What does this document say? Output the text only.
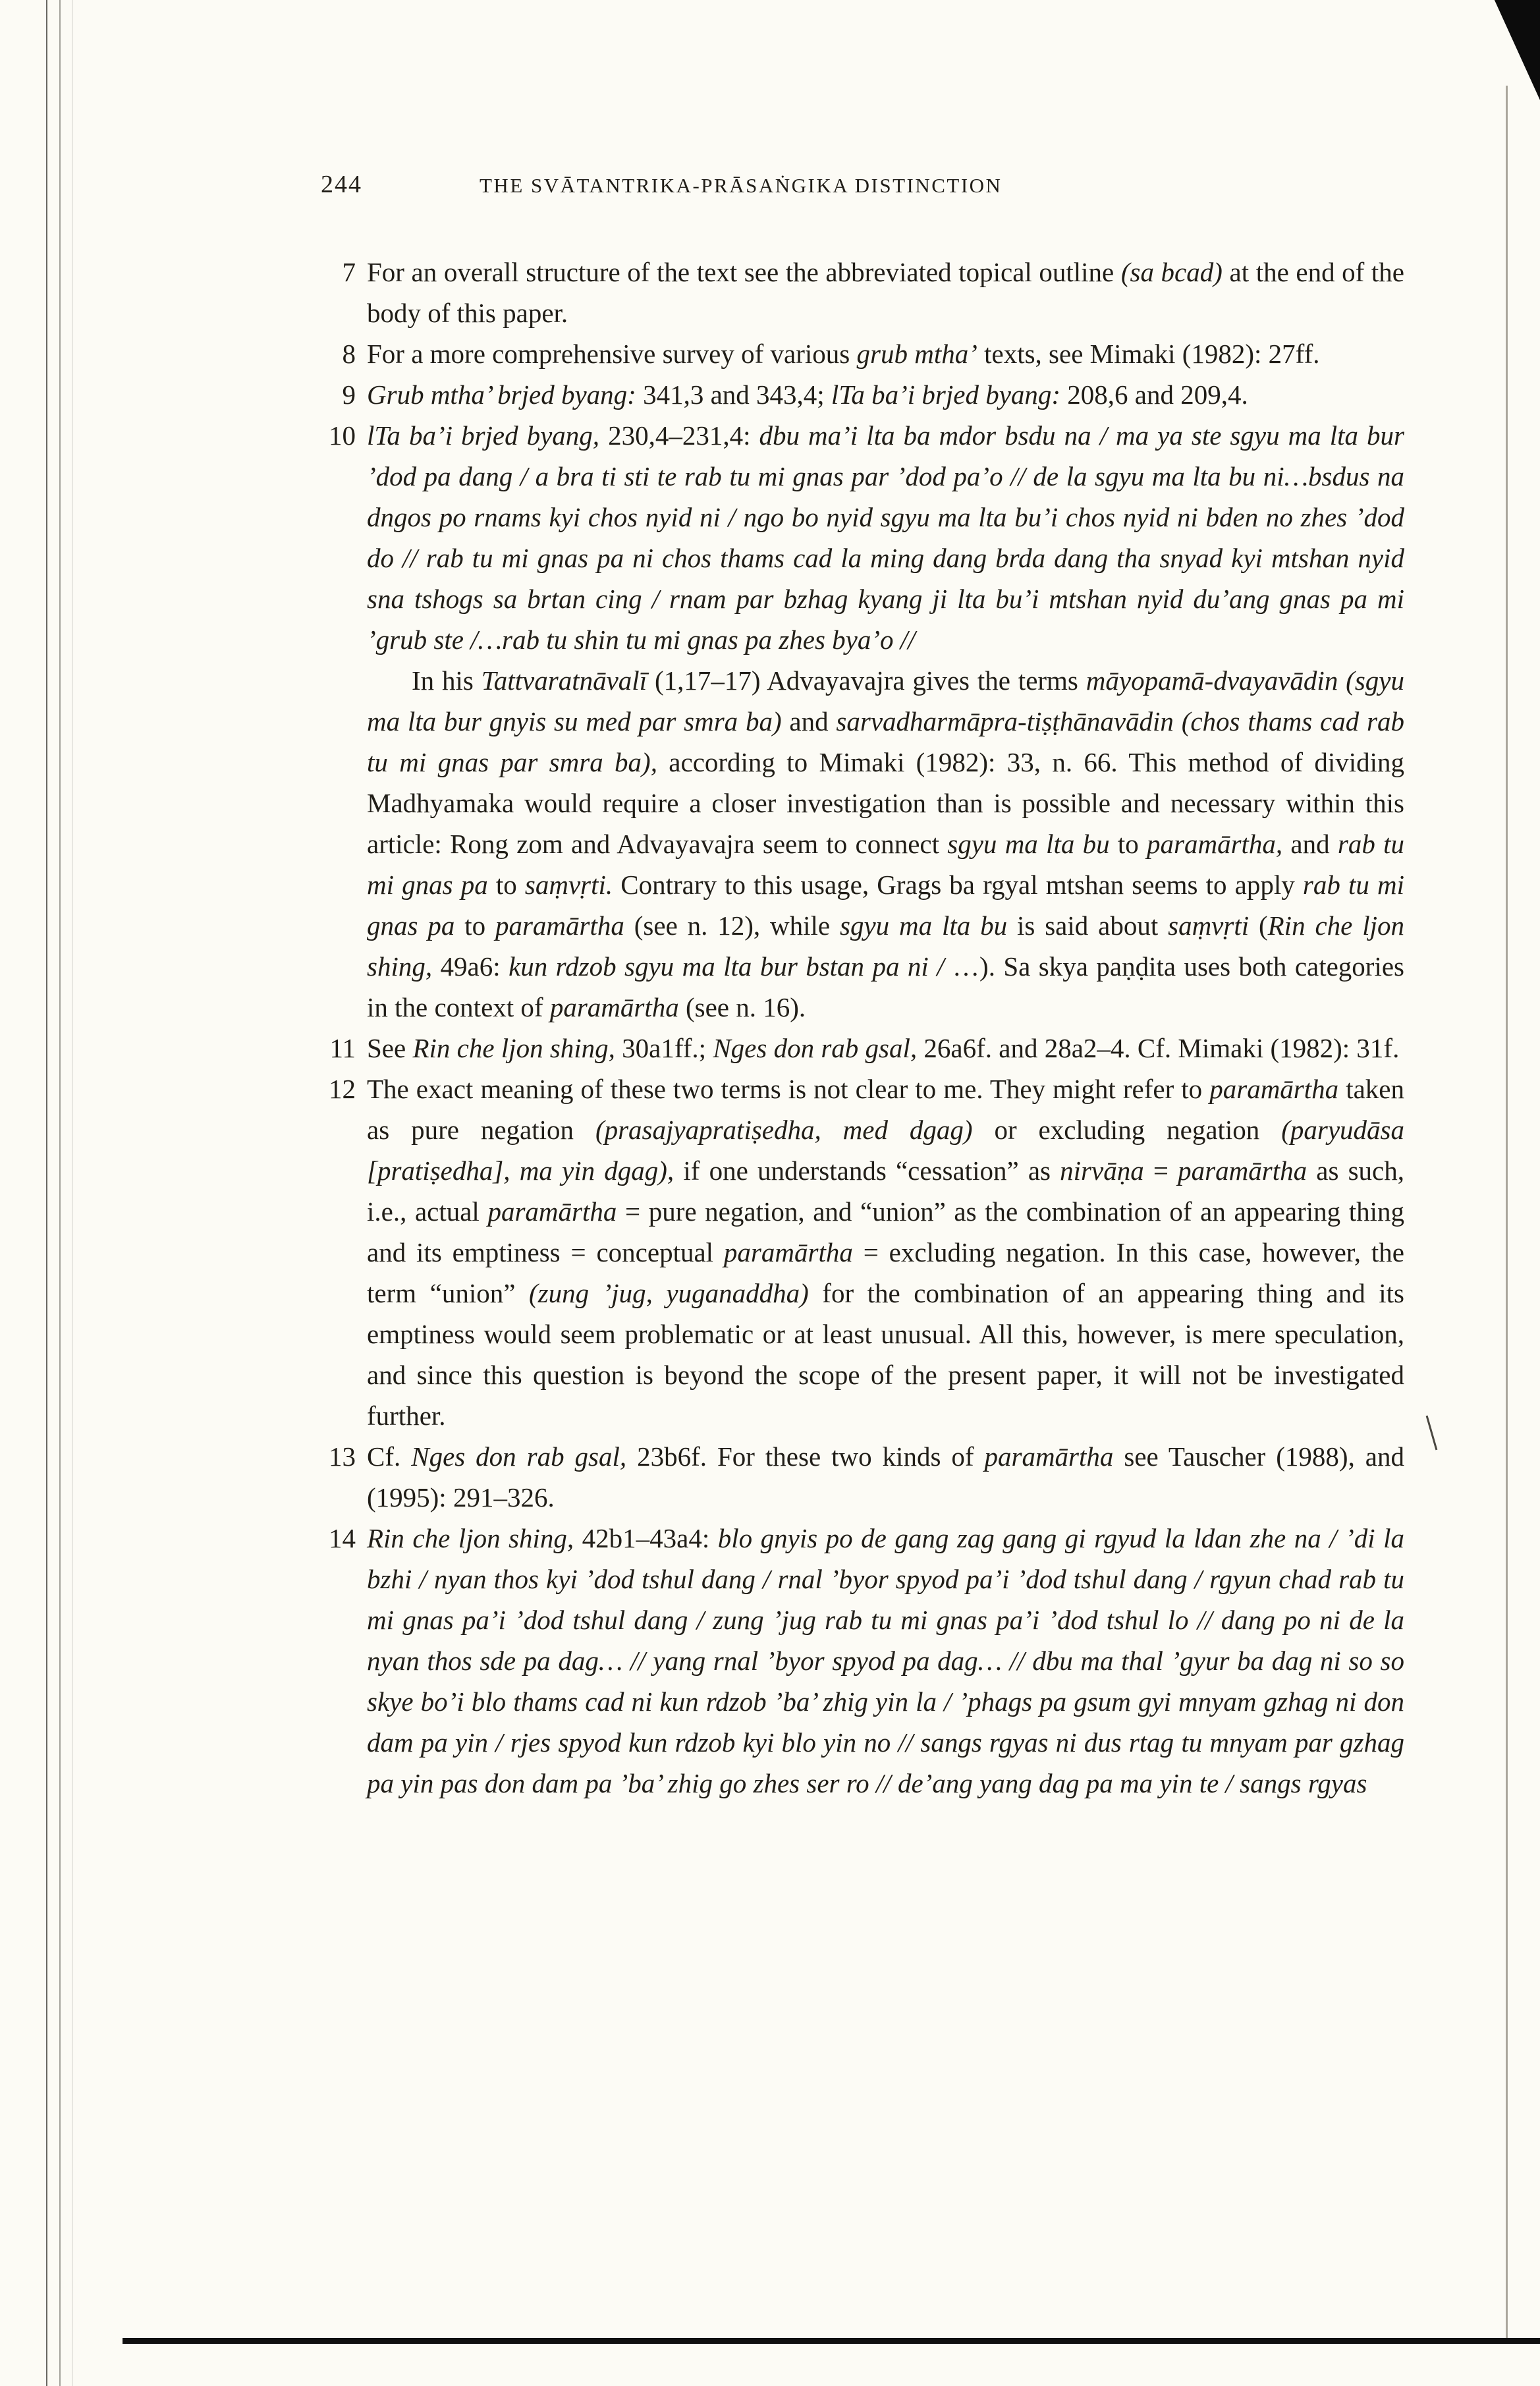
244	THE SVĀTANTRIKA-PRĀSAṄGIKA DISTINCTION
7 For an overall structure of the text see the abbreviated topical outline (sa bcad) at the end of the body of this paper.

8 For a more comprehensive survey of various grub mtha’ texts, see Mimaki (1982): 27ff.

9 Grub mtha’ brjed byang: 341,3 and 343,4; lTa ba’i brjed byang: 208,6 and 209,4.

10 lTa ba’i brjed byang, 230,4–231,4: dbu ma’i lta ba mdor bsdu na / ma ya ste sgyu ma lta bur ’dod pa dang / a bra ti sti te rab tu mi gnas par ’dod pa’o // de la sgyu ma lta bu ni…bsdus na dngos po rnams kyi chos nyid ni / ngo bo nyid sgyu ma lta bu’i chos nyid ni bden no zhes ’dod do // rab tu mi gnas pa ni chos thams cad la ming dang brda dang tha snyad kyi mtshan nyid sna tshogs sa brtan cing / rnam par bzhag kyang ji lta bu’i mtshan nyid du’ang gnas pa mi ’grub ste /…rab tu shin tu mi gnas pa zhes bya’o //

In his Tattvaratnāvalī (1,17–17) Advayavajra gives the terms māyopamā-dvayavādin (sgyu ma lta bur gnyis su med par smra ba) and sarvadharmāpra-tiṣṭhānavādin (chos thams cad rab tu mi gnas par smra ba), according to Mimaki (1982): 33, n. 66. This method of dividing Madhyamaka would require a closer investigation than is possible and necessary within this article: Rong zom and Advayavajra seem to connect sgyu ma lta bu to paramārtha, and rab tu mi gnas pa to saṃvṛti. Contrary to this usage, Grags ba rgyal mtshan seems to apply rab tu mi gnas pa to paramārtha (see n. 12), while sgyu ma lta bu is said about saṃvṛti (Rin che ljon shing, 49a6: kun rdzob sgyu ma lta bur bstan pa ni / …). Sa skya paṇḍita uses both categories in the context of paramārtha (see n. 16).

11 See Rin che ljon shing, 30a1ff.; Nges don rab gsal, 26a6f. and 28a2–4. Cf. Mimaki (1982): 31f.

12 The exact meaning of these two terms is not clear to me. They might refer to paramārtha taken as pure negation (prasajyapratiṣedha, med dgag) or excluding negation (paryudāsa [pratiṣedha], ma yin dgag), if one understands “cessation” as nirvāṇa = paramārtha as such, i.e., actual paramārtha = pure negation, and “union” as the combination of an appearing thing and its emptiness = conceptual paramārtha = excluding negation. In this case, however, the term “union” (zung ’jug, yuganaddha) for the combination of an appearing thing and its emptiness would seem problematic or at least unusual. All this, however, is mere speculation, and since this question is beyond the scope of the present paper, it will not be investigated further.

13 Cf. Nges don rab gsal, 23b6f. For these two kinds of paramārtha see Tauscher (1988), and (1995): 291–326.

14 Rin che ljon shing, 42b1–43a4: blo gnyis po de gang zag gang gi rgyud la ldan zhe na / ’di la bzhi / nyan thos kyi ’dod tshul dang / rnal ’byor spyod pa’i ’dod tshul dang / rgyun chad rab tu mi gnas pa’i ’dod tshul dang / zung ’jug rab tu mi gnas pa’i ’dod tshul lo // dang po ni de la nyan thos sde pa dag… // yang rnal ’byor spyod pa dag… // dbu ma thal ’gyur ba dag ni so so skye bo’i blo thams cad ni kun rdzob ’ba’ zhig yin la / ’phags pa gsum gyi mnyam gzhag ni don dam pa yin / rjes spyod kun rdzob kyi blo yin no // sangs rgyas ni dus rtag tu mnyam par gzhag pa yin pas don dam pa ’ba’ zhig go zhes ser ro // de’ang yang dag pa ma yin te / sangs rgyas
